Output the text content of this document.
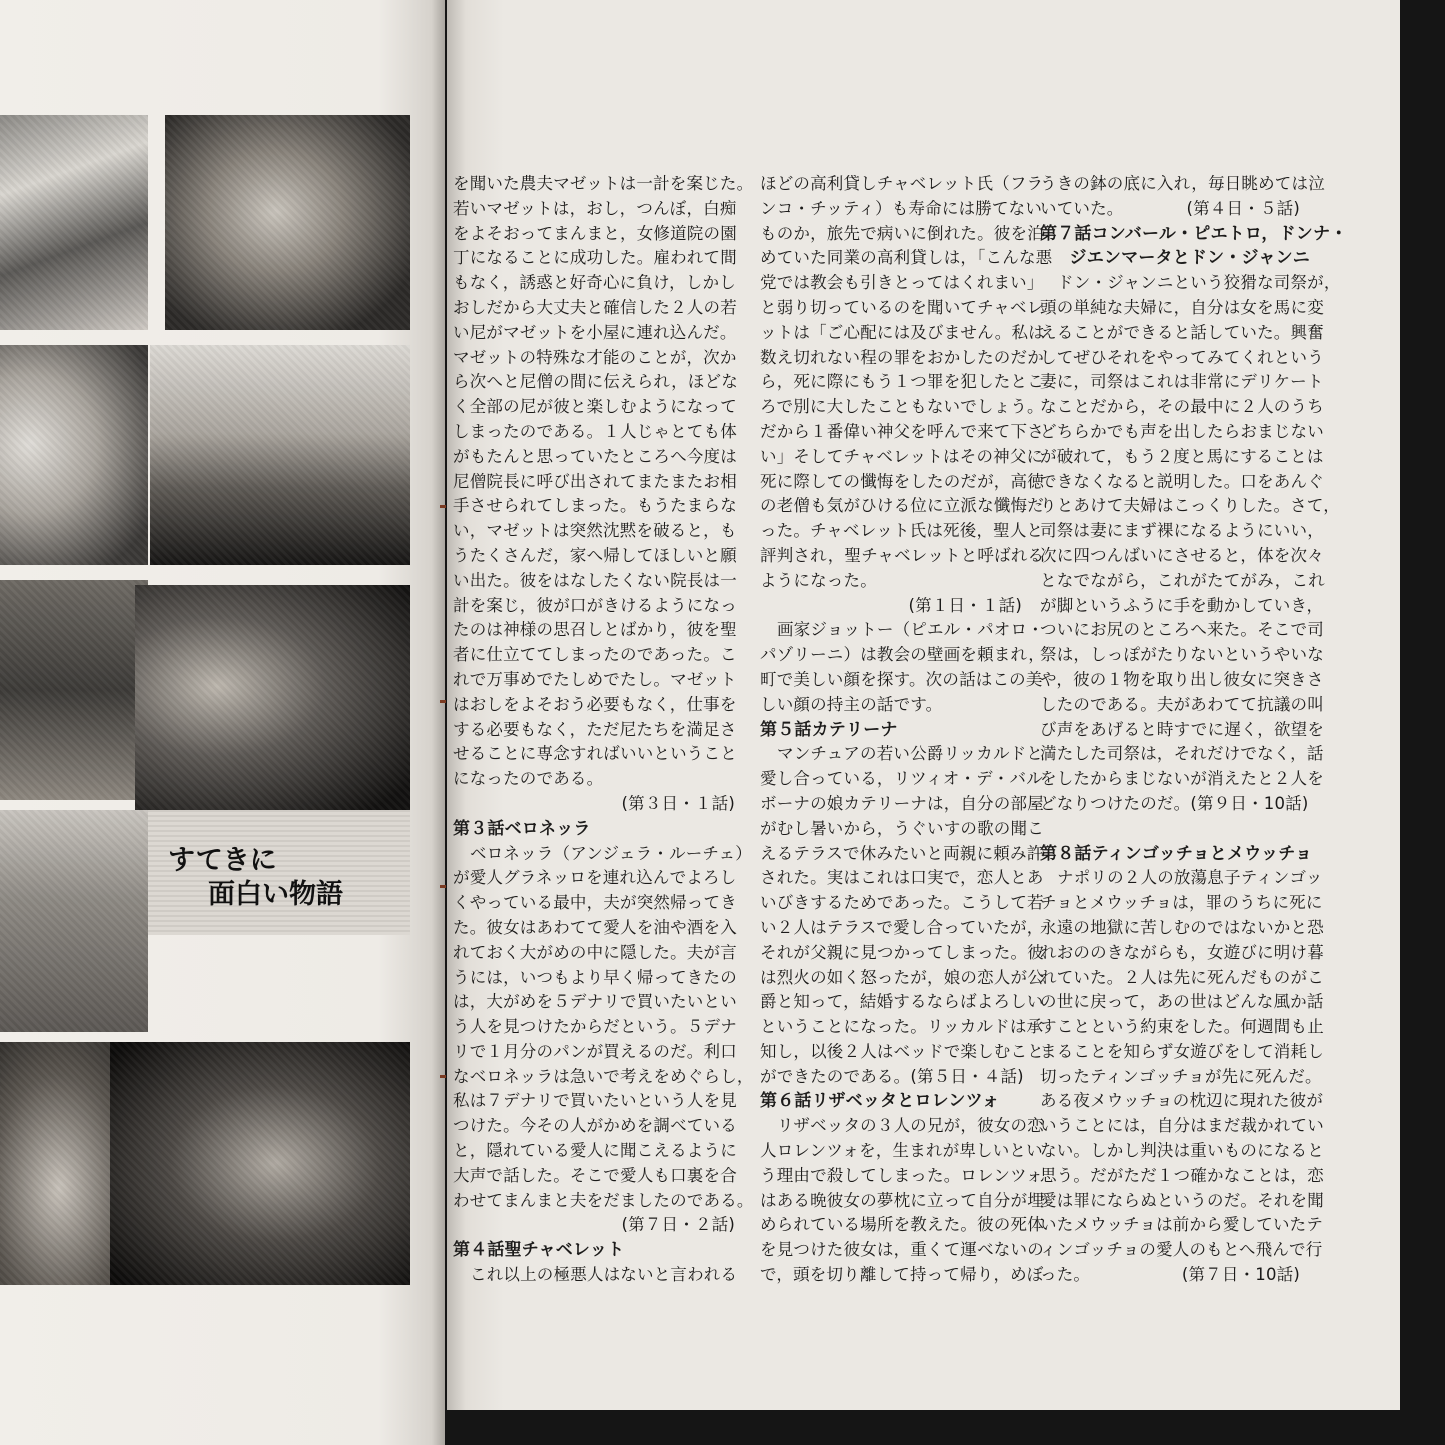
すてきに
面白い物語
を聞いた農夫マゼットは一計を案じた。
若いマゼットは，おし，つんぼ，白痴
をよそおってまんまと，女修道院の園
丁になることに成功した。雇われて間
もなく，誘惑と好奇心に負け，しかし
おしだから大丈夫と確信した２人の若
い尼がマゼットを小屋に連れ込んだ。
マゼットの特殊な才能のことが，次か
ら次へと尼僧の間に伝えられ，ほどな
く全部の尼が彼と楽しむようになって
しまったのである。１人じゃとても体
がもたんと思っていたところへ今度は
尼僧院長に呼び出されてまたまたお相
手させられてしまった。もうたまらな
い，マゼットは突然沈黙を破ると，も
うたくさんだ，家へ帰してほしいと願
い出た。彼をはなしたくない院長は一
計を案じ，彼が口がきけるようになっ
たのは神様の思召しとばかり，彼を聖
者に仕立ててしまったのであった。こ
れで万事めでたしめでたし。マゼット
はおしをよそおう必要もなく，仕事を
する必要もなく，ただ尼たちを満足さ
せることに専念すればいいということ
になったのである。
(第３日・１話)
第３話ベロネッラ
ベロネッラ（アンジェラ・ルーチェ）
が愛人グラネッロを連れ込んでよろし
くやっている最中，夫が突然帰ってき
た。彼女はあわてて愛人を油や酒を入
れておく大がめの中に隠した。夫が言
うには，いつもより早く帰ってきたの
は，大がめを５デナリで買いたいとい
う人を見つけたからだという。５デナ
リで１月分のパンが買えるのだ。利口
なベロネッラは急いで考えをめぐらし，
私は７デナリで買いたいという人を見
つけた。今その人がかめを調べている
と，隠れている愛人に聞こえるように
大声で話した。そこで愛人も口裏を合
わせてまんまと夫をだましたのである。
(第７日・２話)
第４話聖チャベレット
これ以上の極悪人はないと言われる
ほどの高利貸しチャベレット氏（フラ
ンコ・チッティ）も寿命には勝てない
ものか，旅先で病いに倒れた。彼を泊
めていた同業の高利貸しは，「こんな悪
党では教会も引きとってはくれまい」
と弱り切っているのを聞いてチャベレ
ットは「ご心配には及びません。私は
数え切れない程の罪をおかしたのだか
ら，死に際にもう１つ罪を犯したとこ
ろで別に大したこともないでしょう。
だから１番偉い神父を呼んで来て下さ
い」そしてチャベレットはその神父に
死に際しての懺悔をしたのだが，高徳
の老僧も気がひける位に立派な懺悔だ
った。チャベレット氏は死後，聖人と
評判され，聖チャベレットと呼ばれる
ようになった。
(第１日・１話)
画家ジョットー（ピエル・パオロ・
パゾリーニ）は教会の壁画を頼まれ，
町で美しい顔を探す。次の話はこの美
しい顔の持主の話です。
第５話カテリーナ
マンチュアの若い公爵リッカルドと
愛し合っている，リツィオ・デ・バル
ボーナの娘カテリーナは，自分の部屋
がむし暑いから，うぐいすの歌の聞こ
えるテラスで休みたいと両親に頼み許
された。実はこれは口実で，恋人とあ
いびきするためであった。こうして若
い２人はテラスで愛し合っていたが，
それが父親に見つかってしまった。彼
は烈火の如く怒ったが，娘の恋人が公
爵と知って，結婚するならばよろしい
ということになった。リッカルドは承
知し，以後２人はベッドで楽しむこと
ができたのである。 (第５日・４話)
第６話リザベッタとロレンツォ
リザベッタの３人の兄が，彼女の恋
人ロレンツォを，生まれが卑しいとい
う理由で殺してしまった。ロレンツォ
はある晩彼女の夢枕に立って自分が埋
められている場所を教えた。彼の死体
を見つけた彼女は，重くて運べないの
で，頭を切り離して持って帰り，めぼ
うきの鉢の底に入れ，毎日眺めては泣
いていた。	(第４日・５話)
第７話コンバール・ピエトロ，ドンナ・
ジエンマータとドン・ジャンニ
ドン・ジャンニという狡猾な司祭が，
頭の単純な夫婦に，自分は女を馬に変
えることができると話していた。興奮
してぜひそれをやってみてくれという
妻に，司祭はこれは非常にデリケート
なことだから，その最中に２人のうち
どちらかでも声を出したらおまじない
が破れて，もう２度と馬にすることは
できなくなると説明した。口をあんぐ
りとあけて夫婦はこっくりした。さて，
司祭は妻にまず裸になるようにいい，
次に四つんばいにさせると，体を次々
となでながら，これがたてがみ，これ
が脚というふうに手を動かしていき，
ついにお尻のところへ来た。そこで司
祭は，しっぽがたりないというやいな
や，彼の１物を取り出し彼女に突きさ
したのである。夫があわてて抗議の叫
び声をあげると時すでに遅く，欲望を
満たした司祭は，それだけでなく，話
をしたからまじないが消えたと２人を
どなりつけたのだ。 (第９日・10話)
第８話ティンゴッチョとメウッチョ
ナポリの２人の放蕩息子ティンゴッ
チョとメウッチョは，罪のうちに死に
永遠の地獄に苦しむのではないかと恐
れおののきながらも，女遊びに明け暮
れていた。２人は先に死んだものがこ
の世に戻って，あの世はどんな風か話
すことという約束をした。何週間も止
まることを知らず女遊びをして消耗し
切ったティンゴッチョが先に死んだ。
ある夜メウッチョの枕辺に現れた彼が
いうことには，自分はまだ裁かれてい
ない。しかし判決は重いものになると
思う。だがただ１つ確かなことは，恋
愛は罪にならぬというのだ。それを聞
いたメウッチョは前から愛していたテ
ィンゴッチョの愛人のもとへ飛んで行
った。	(第７日・10話)
